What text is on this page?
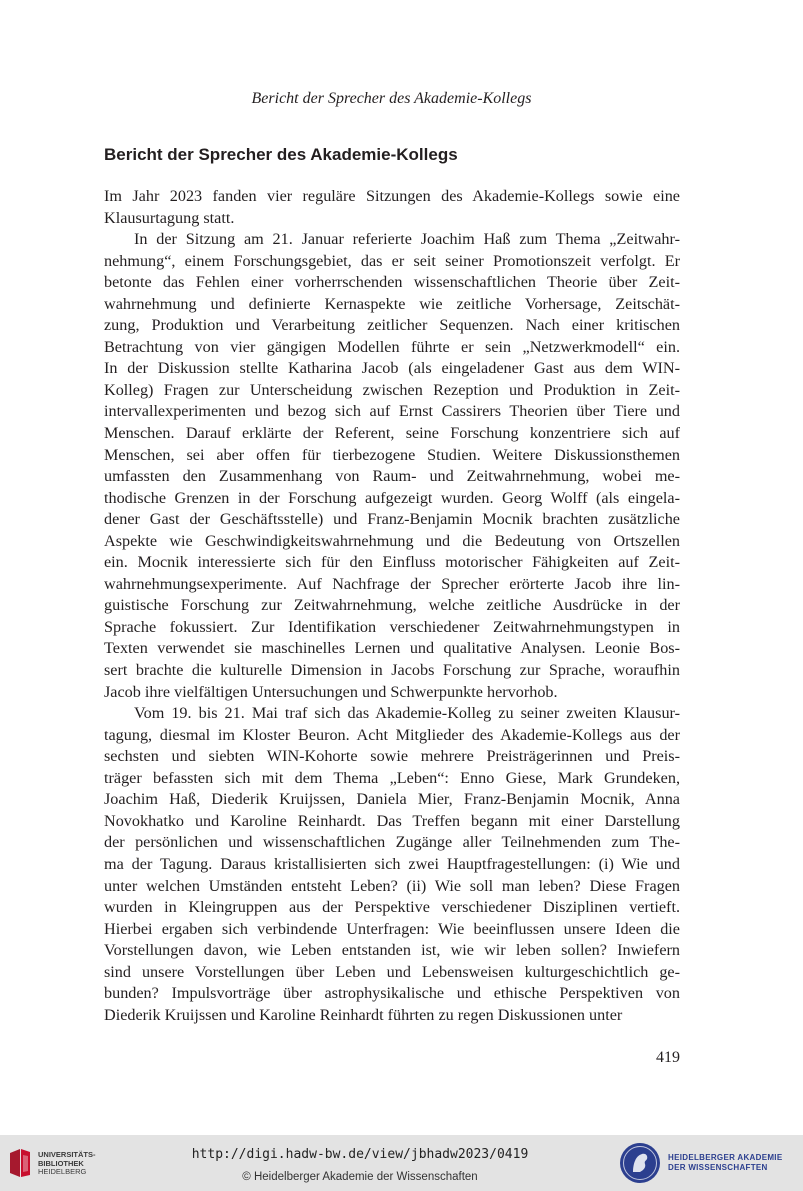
Bericht der Sprecher des Akademie-Kollegs
Bericht der Sprecher des Akademie-Kollegs
Im Jahr 2023 fanden vier reguläre Sitzungen des Akademie-Kollegs sowie eine
Klausurtagung statt.
In der Sitzung am 21. Januar referierte Joachim Haß zum Thema „Zeitwahr-
nehmung“, einem Forschungsgebiet, das er seit seiner Promotionszeit verfolgt. Er
betonte das Fehlen einer vorherrschenden wissenschaftlichen Theorie über Zeit-
wahrnehmung und definierte Kernaspekte wie zeitliche Vorhersage, Zeitschät-
zung, Produktion und Verarbeitung zeitlicher Sequenzen. Nach einer kritischen
Betrachtung von vier gängigen Modellen führte er sein „Netzwerkmodell“ ein.
In der Diskussion stellte Katharina Jacob (als eingeladener Gast aus dem WIN-
Kolleg) Fragen zur Unterscheidung zwischen Rezeption und Produktion in Zeit-
intervallexperimenten und bezog sich auf Ernst Cassirers Theorien über Tiere und
Menschen. Darauf erklärte der Referent, seine Forschung konzentriere sich auf
Menschen, sei aber offen für tierbezogene Studien. Weitere Diskussionsthemen
umfassten den Zusammenhang von Raum- und Zeitwahrnehmung, wobei me-
thodische Grenzen in der Forschung aufgezeigt wurden. Georg Wolff (als eingela-
dener Gast der Geschäftsstelle) und Franz-Benjamin Mocnik brachten zusätzliche
Aspekte wie Geschwindigkeitswahrnehmung und die Bedeutung von Ortszellen
ein. Mocnik interessierte sich für den Einfluss motorischer Fähigkeiten auf Zeit-
wahrnehmungsexperimente. Auf Nachfrage der Sprecher erörterte Jacob ihre lin-
guistische Forschung zur Zeitwahrnehmung, welche zeitliche Ausdrücke in der
Sprache fokussiert. Zur Identifikation verschiedener Zeitwahrnehmungstypen in
Texten verwendet sie maschinelles Lernen und qualitative Analysen. Leonie Bos-
sert brachte die kulturelle Dimension in Jacobs Forschung zur Sprache, woraufhin
Jacob ihre vielfältigen Untersuchungen und Schwerpunkte hervorhob.
Vom 19. bis 21. Mai traf sich das Akademie-Kolleg zu seiner zweiten Klausur-
tagung, diesmal im Kloster Beuron. Acht Mitglieder des Akademie-Kollegs aus der
sechsten und siebten WIN-Kohorte sowie mehrere Preisträgerinnen und Preis-
träger befassten sich mit dem Thema „Leben“: Enno Giese, Mark Grundeken,
Joachim Haß, Diederik Kruijssen, Daniela Mier, Franz-Benjamin Mocnik, Anna
Novokhatko und Karoline Reinhardt. Das Treffen begann mit einer Darstellung
der persönlichen und wissenschaftlichen Zugänge aller Teilnehmenden zum The-
ma der Tagung. Daraus kristallisierten sich zwei Hauptfragestellungen: (i) Wie und
unter welchen Umständen entsteht Leben? (ii) Wie soll man leben? Diese Fragen
wurden in Kleingruppen aus der Perspektive verschiedener Disziplinen vertieft.
Hierbei ergaben sich verbindende Unterfragen: Wie beeinflussen unsere Ideen die
Vorstellungen davon, wie Leben entstanden ist, wie wir leben sollen? Inwiefern
sind unsere Vorstellungen über Leben und Lebensweisen kulturgeschichtlich ge-
bunden? Impulsvorträge über astrophysikalische und ethische Perspektiven von
Diederik Kruijssen und Karoline Reinhardt führten zu regen Diskussionen unter
419
UNIVERSITÄTS-
BIBLIOTHEK
HEIDELBERG
http://digi.hadw-bw.de/view/jbhadw2023/0419
© Heidelberger Akademie der Wissenschaften
HEIDELBERGER AKADEMIE
DER WISSENSCHAFTEN
